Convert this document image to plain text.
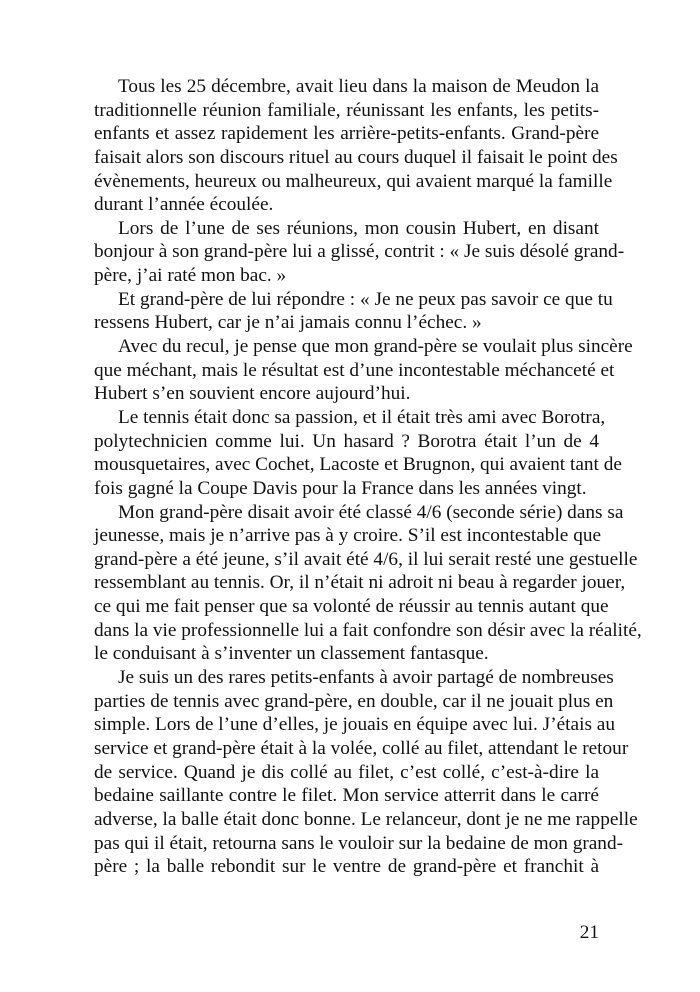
Tous les 25 décembre, avait lieu dans la maison de Meudon la
traditionnelle réunion familiale, réunissant les enfants, les petits-
enfants et assez rapidement les arrière-petits-enfants. Grand-père
faisait alors son discours rituel au cours duquel il faisait le point des
évènements, heureux ou malheureux, qui avaient marqué la famille
durant l’année écoulée.
Lors de l’une de ses réunions, mon cousin Hubert, en disant
bonjour à son grand-père lui a glissé, contrit : « Je suis désolé grand-
père, j’ai raté mon bac. »
Et grand-père de lui répondre : « Je ne peux pas savoir ce que tu
ressens Hubert, car je n’ai jamais connu l’échec. »
Avec du recul, je pense que mon grand-père se voulait plus sincère
que méchant, mais le résultat est d’une incontestable méchanceté et
Hubert s’en souvient encore aujourd’hui.
Le tennis était donc sa passion, et il était très ami avec Borotra,
polytechnicien comme lui. Un hasard ? Borotra était l’un de 4
mousquetaires, avec Cochet, Lacoste et Brugnon, qui avaient tant de
fois gagné la Coupe Davis pour la France dans les années vingt.
Mon grand-père disait avoir été classé 4/6 (seconde série) dans sa
jeunesse, mais je n’arrive pas à y croire. S’il est incontestable que
grand-père a été jeune, s’il avait été 4/6, il lui serait resté une gestuelle
ressemblant au tennis. Or, il n’était ni adroit ni beau à regarder jouer,
ce qui me fait penser que sa volonté de réussir au tennis autant que
dans la vie professionnelle lui a fait confondre son désir avec la réalité,
le conduisant à s’inventer un classement fantasque.
Je suis un des rares petits-enfants à avoir partagé de nombreuses
parties de tennis avec grand-père, en double, car il ne jouait plus en
simple. Lors de l’une d’elles, je jouais en équipe avec lui. J’étais au
service et grand-père était à la volée, collé au filet, attendant le retour
de service. Quand je dis collé au filet, c’est collé, c’est-à-dire la
bedaine saillante contre le filet. Mon service atterrit dans le carré
adverse, la balle était donc bonne. Le relanceur, dont je ne me rappelle
pas qui il était, retourna sans le vouloir sur la bedaine de mon grand-
père ; la balle rebondit sur le ventre de grand-père et franchit à
21
